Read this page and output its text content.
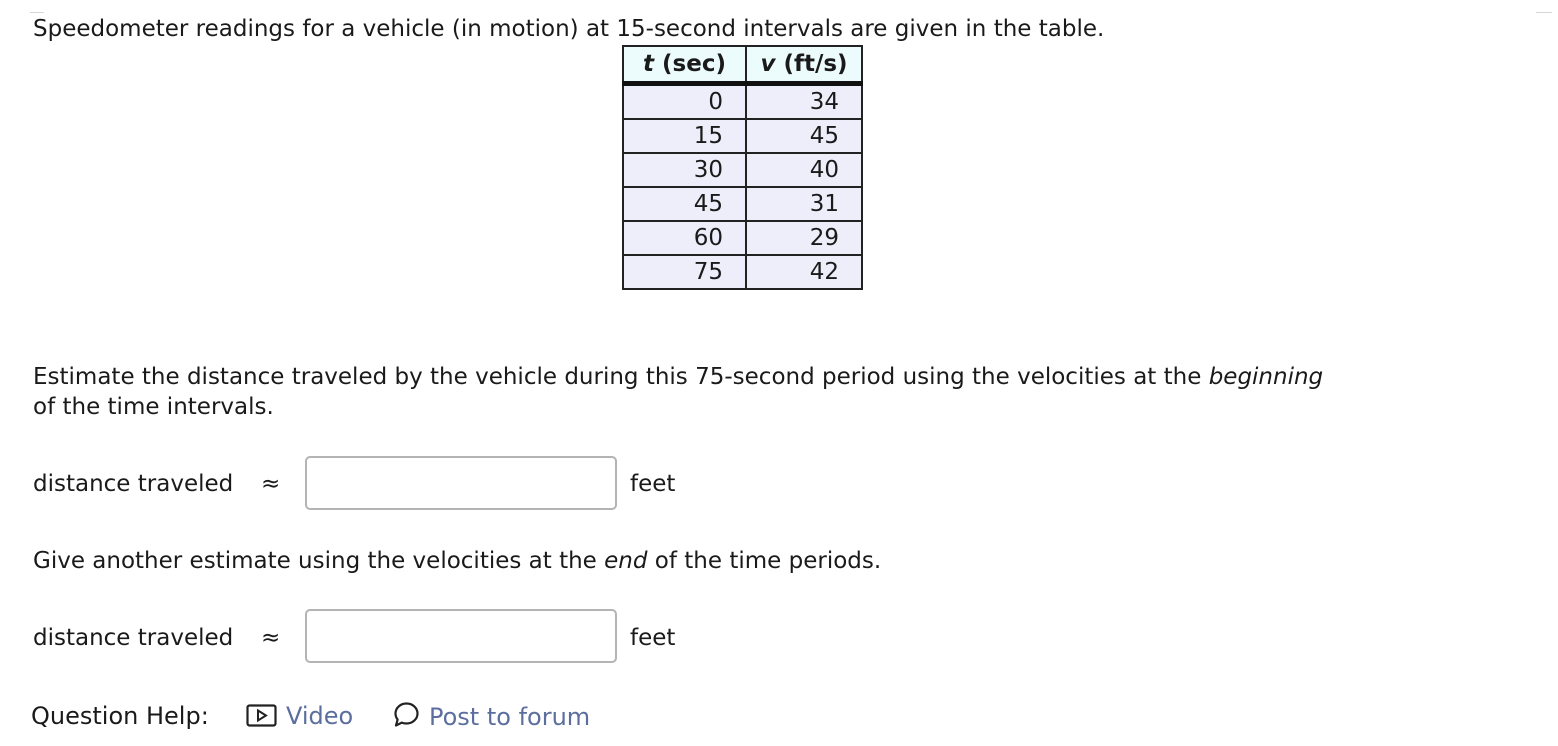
Speedometer readings for a vehicle (in motion) at 15-second intervals are given in the table.
t (sec)	v (ft/s)
0	34
15	45
30	40
45	31
60	29
75	42
Estimate the distance traveled by the vehicle during this 75-second period using the velocities at the beginning
of the time intervals.
distance traveled ≈	feet
Give another estimate using the velocities at the end of the time periods.
distance traveled ≈	feet
Question Help:	Video	Post to forum
